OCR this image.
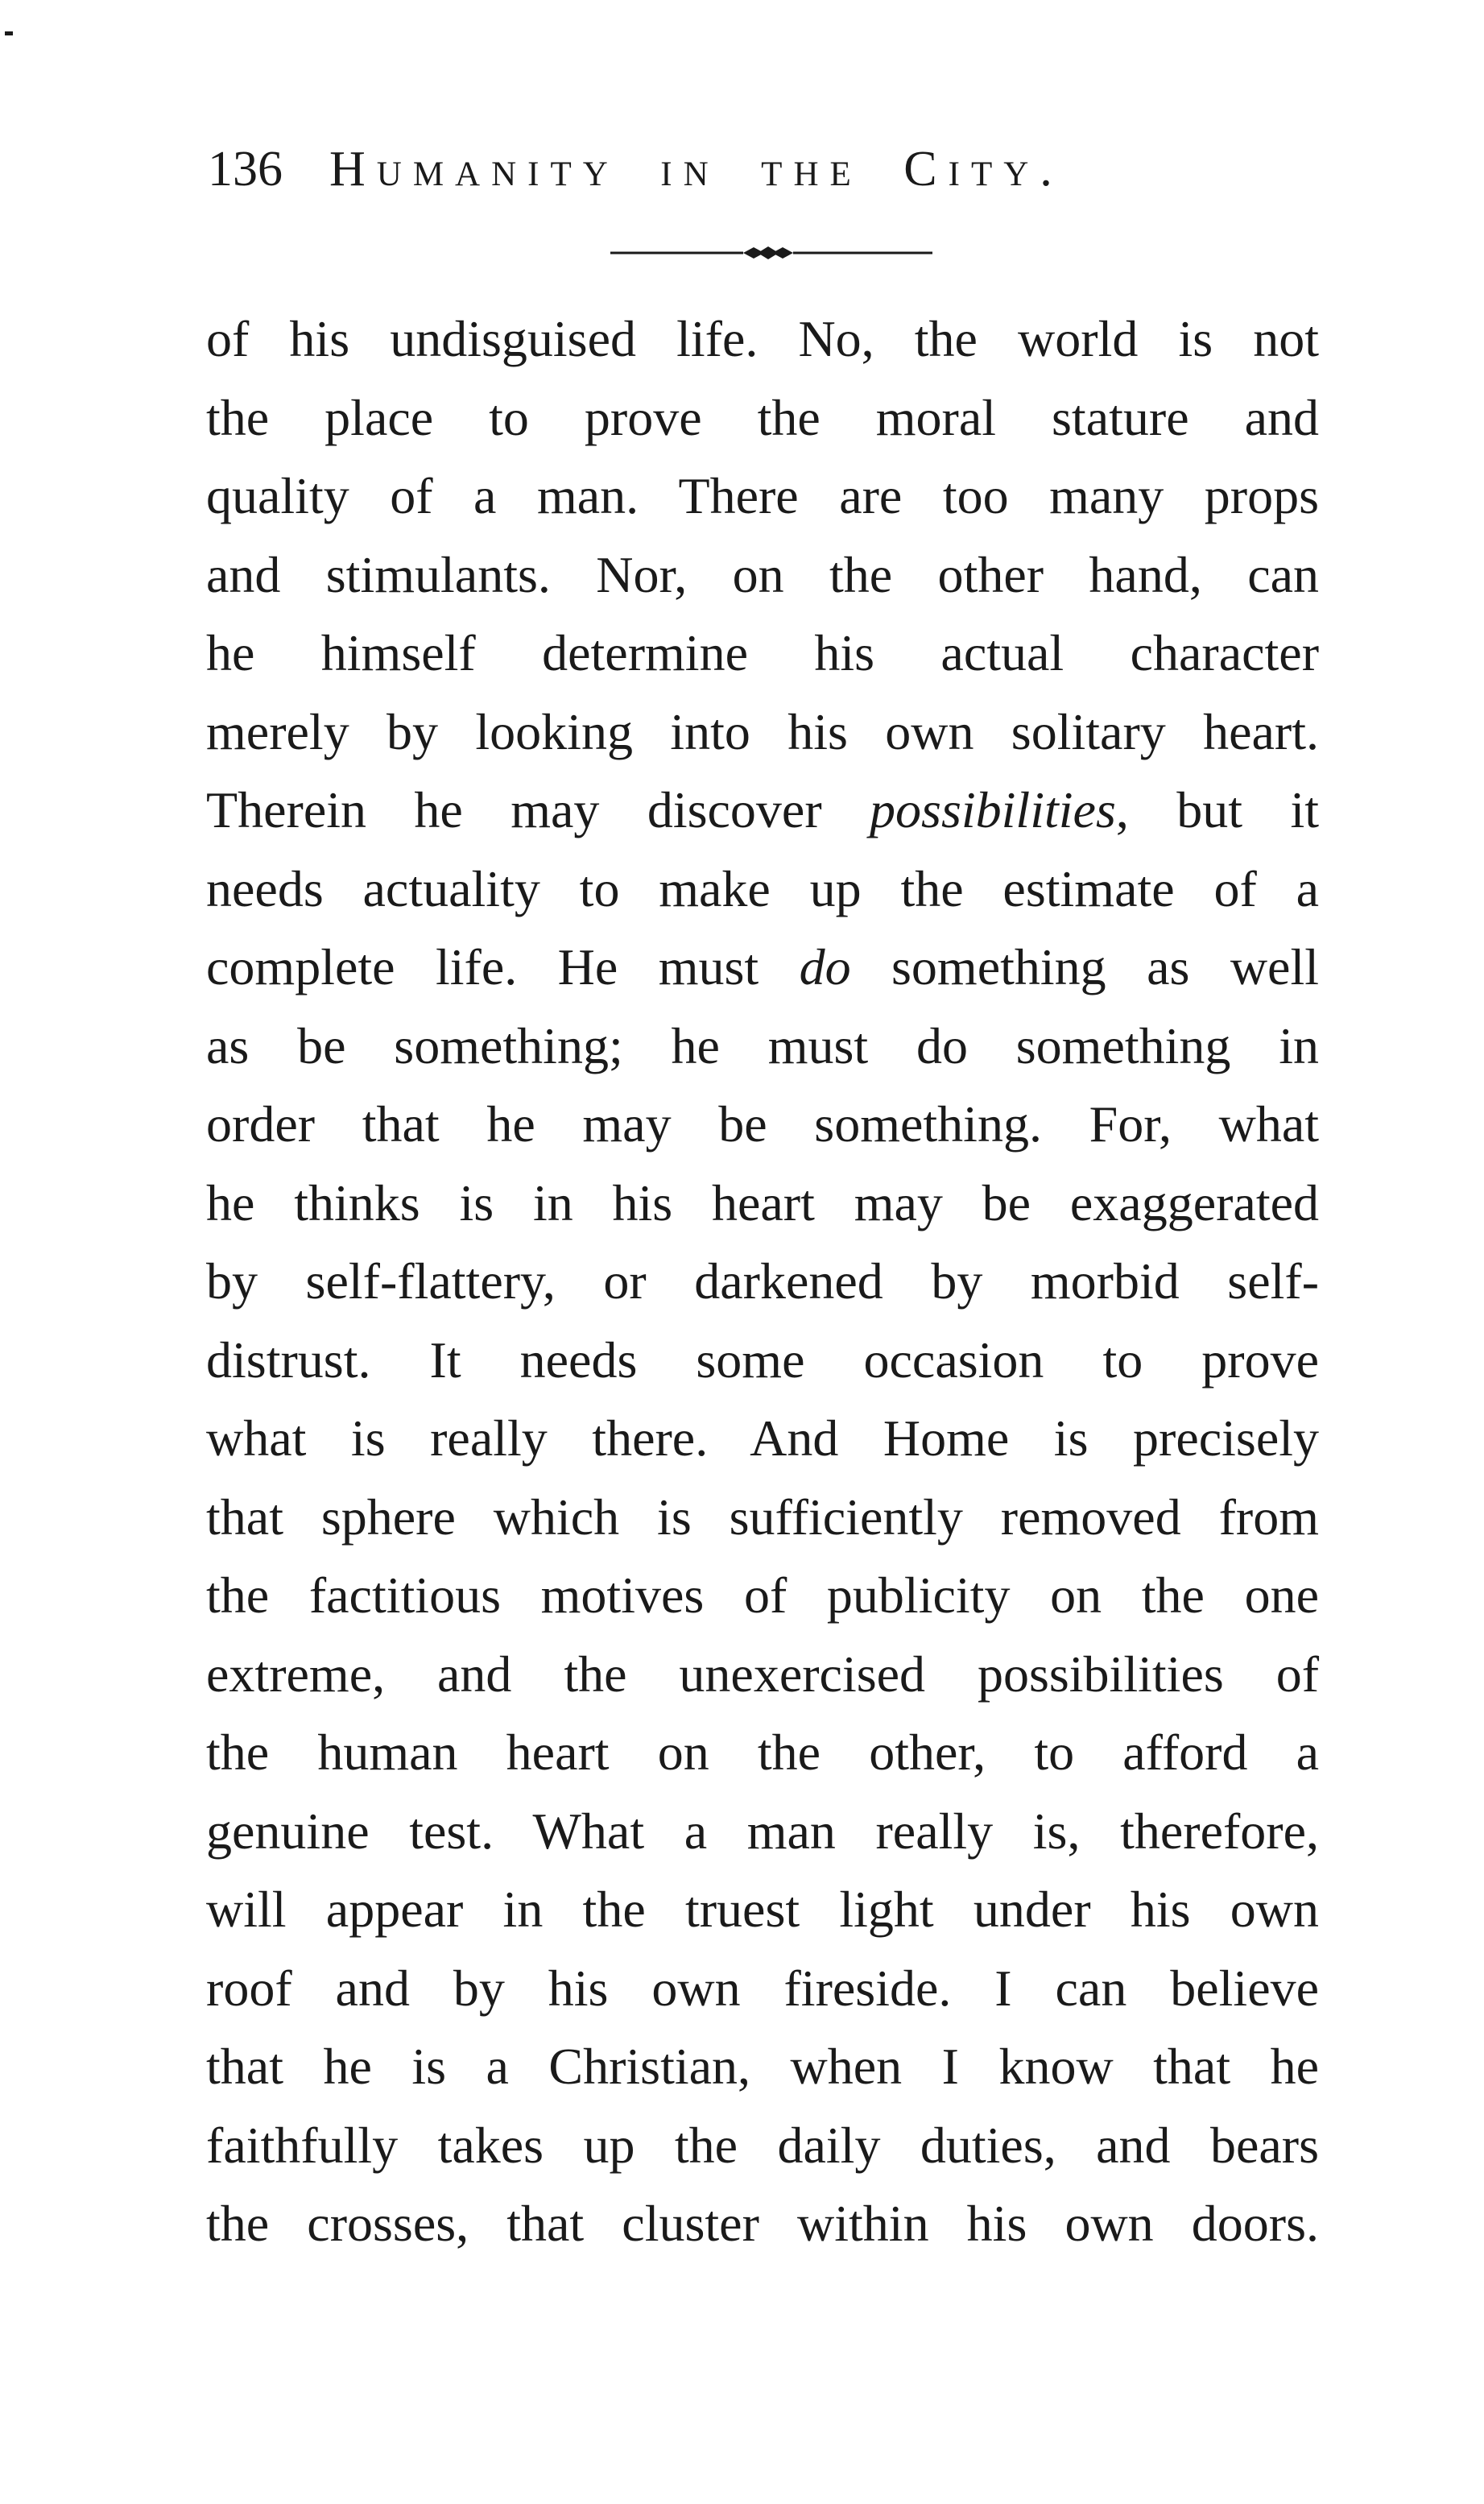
136 Humanity in the City.
of his undisguised life. No, the world is not
the place to prove the moral stature and
quality of a man. There are too many props
and stimulants. Nor, on the other hand, can
he himself determine his actual character
merely by looking into his own solitary heart.
Therein he may discover possibilities, but it
needs actuality to make up the estimate of a
complete life. He must do something as well
as be something; he must do something in
order that he may be something. For, what
he thinks is in his heart may be exaggerated
by self-flattery, or darkened by morbid self-
distrust. It needs some occasion to prove
what is really there. And Home is precisely
that sphere which is sufficiently removed from
the factitious motives of publicity on the one
extreme, and the unexercised possibilities of
the human heart on the other, to afford a
genuine test. What a man really is, therefore,
will appear in the truest light under his own
roof and by his own fireside. I can believe
that he is a Christian, when I know that he
faithfully takes up the daily duties, and bears
the crosses, that cluster within his own doors.
